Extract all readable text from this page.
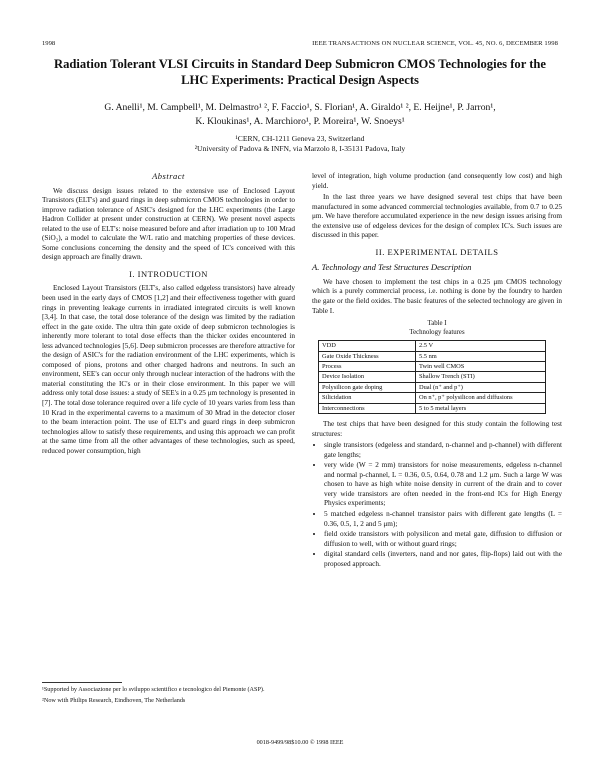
1998	IEEE TRANSACTIONS ON NUCLEAR SCIENCE, VOL. 45, NO. 6, DECEMBER 1998
Radiation Tolerant VLSI Circuits in Standard Deep Submicron CMOS Technologies for the LHC Experiments: Practical Design Aspects
G. Anelli¹, M. Campbell¹, M. Delmastro¹ ², F. Faccio¹, S. Florian¹, A. Giraldo¹ ², E. Heijne¹, P. Jarron¹,
K. Kloukinas¹, A. Marchioro¹, P. Moreira¹, W. Snoeys¹
¹CERN, CH-1211 Geneva 23, Switzerland
²University of Padova & INFN, via Marzolo 8, I-35131 Padova, Italy
Abstract

We discuss design issues related to the extensive use of Enclosed Layout Transistors (ELT's) and guard rings in deep submicron CMOS technologies in order to improve radiation tolerance of ASIC's designed for the LHC experiments (the Large Hadron Collider at present under construction at CERN). We present novel aspects related to the use of ELT's: noise measured before and after irradiation up to 100 Mrad (SiO₂), a model to calculate the W/L ratio and matching properties of these devices. Some conclusions concerning the density and the speed of IC's conceived with this design approach are finally drawn.

I. INTRODUCTION

Enclosed Layout Transistors (ELT's, also called edgeless transistors) have already been used in the early days of CMOS [1,2] and their effectiveness together with guard rings in preventing leakage currents in irradiated integrated circuits is well known [3,4]. In that case, the total dose tolerance of the design was limited by the radiation effect in the gate oxide. The ultra thin gate oxide of deep submicron technologies is inherently more tolerant to total dose effects than the thicker oxides encountered in less advanced technologies [5,6]. Deep submicron processes are therefore attractive for the design of ASIC's for the radiation environment of the LHC experiments, which is composed of pions, protons and other charged hadrons and neutrons. In such an environment, SEE's can occur only through nuclear interaction of the hadrons with the material constituting the IC's or in their close environment. In this paper we will address only total dose issues: a study of SEE's in a 0.25 μm technology is presented in [7]. The total dose tolerance required over a life cycle of 10 years varies from less than 10 Krad in the experimental caverns to a maximum of 30 Mrad in the detector closer to the beam interaction point. The use of ELT's and guard rings in deep submicron technologies allow to satisfy these requirements, and using this approach we can profit at the same time from all the other advantages of these technologies, such as speed, reduced power consumption, high

level of integration, high volume production (and consequently low cost) and high yield.

In the last three years we have designed several test chips that have been manufactured in some advanced commercial technologies available, from 0.7 to 0.25 μm. We have therefore accumulated experience in the new design issues arising from the extensive use of edgeless devices for the design of complex IC's. Such issues are discussed in this paper.

II. EXPERIMENTAL DETAILS
A. Technology and Test Structures Description

We have chosen to implement the test chips in a 0.25 μm CMOS technology which is a purely commercial process, i.e. nothing is done by the foundry to harden the gate or the field oxides. The basic features of the selected technology are given in Table I.

Table I
Technology features
VDD	2.5 V
Gate Oxide Thickness	5.5 nm
Process	Twin well CMOS
Device Isolation	Shallow Trench (STI)
Polysilicon gate doping	Dual (n⁺ and p⁺)
Silicidation	On n⁺, p⁺ polysilicon and diffusions
Interconnections	5 to 5 metal layers

The test chips that have been designed for this study contain the following test structures:

• single transistors (edgeless and standard, n-channel and p-channel) with different gate lengths;
• very wide (W = 2 mm) transistors for noise measurements, edgeless n-channel and normal p-channel, L = 0.36, 0.5, 0.64, 0.78 and 1.2 μm. Such a large W was chosen to have as high white noise density in current of the drain and to cover very wide transistors are often needed in the front-end ICs for High Energy Physics experiments;
• 5 matched edgeless n-channel transistor pairs with different gate lengths (L = 0.36, 0.5, 1, 2 and 5 μm);
• field oxide transistors with polysilicon and metal gate, diffusion to diffusion or diffusion to well, with or without guard rings;
• digital standard cells (inverters, nand and nor gates, flip-flops) laid out with the proposed approach.

¹Supported by Associazione per lo sviluppo scientifico e tecnologico del Piemonte (ASP).

²Now with Philips Research, Eindhoven, The Netherlands

0018-9499/98$10.00 © 1998 IEEE
